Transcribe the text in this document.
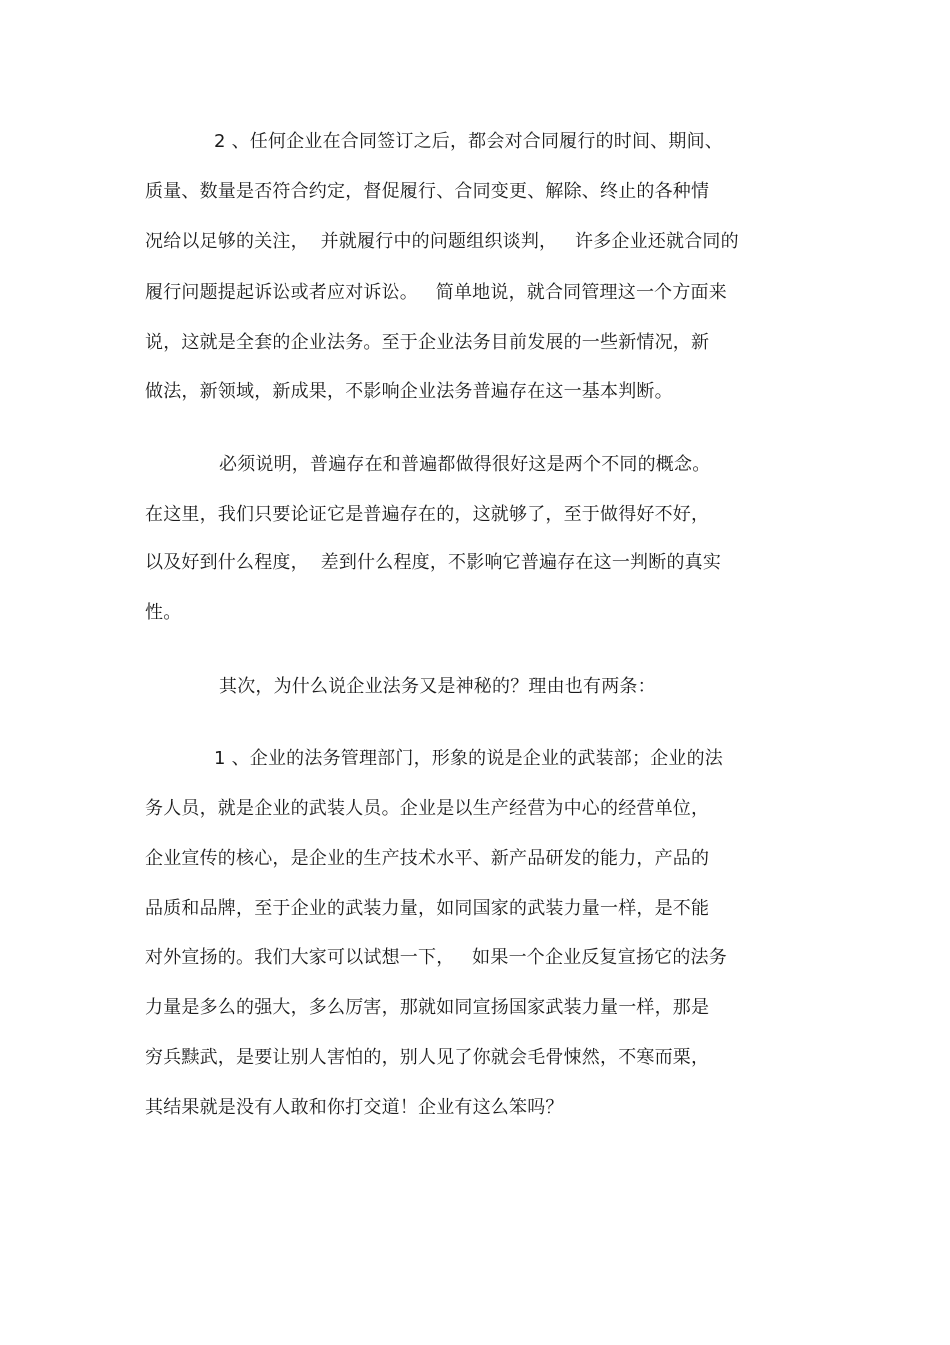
2 、任何企业在合同签订之后，都会对合同履行的时间、期间、
质量、数量是否符合约定，督促履行、合同变更、解除、终止的各种情
况给以足够的关注，  并就履行中的问题组织谈判，   许多企业还就合同的
履行问题提起诉讼或者应对诉讼。   简单地说，就合同管理这一个方面来
说，这就是全套的企业法务。至于企业法务目前发展的一些新情况，新
做法，新领域，新成果，不影响企业法务普遍存在这一基本判断。
必须说明，普遍存在和普遍都做得很好这是两个不同的概念。
在这里，我们只要论证它是普遍存在的，这就够了，至于做得好不好，
以及好到什么程度，  差到什么程度，不影响它普遍存在这一判断的真实
性。
其次，为什么说企业法务又是神秘的？理由也有两条：
1 、企业的法务管理部门，形象的说是企业的武装部；企业的法
务人员，就是企业的武装人员。企业是以生产经营为中心的经营单位，
企业宣传的核心，是企业的生产技术水平、新产品研发的能力，产品的
品质和品牌，至于企业的武装力量，如同国家的武装力量一样，是不能
对外宣扬的。我们大家可以试想一下，   如果一个企业反复宣扬它的法务
力量是多么的强大，多么厉害，那就如同宣扬国家武装力量一样，那是
穷兵黩武，是要让别人害怕的，别人见了你就会毛骨悚然，不寒而栗，
其结果就是没有人敢和你打交道！企业有这么笨吗？
